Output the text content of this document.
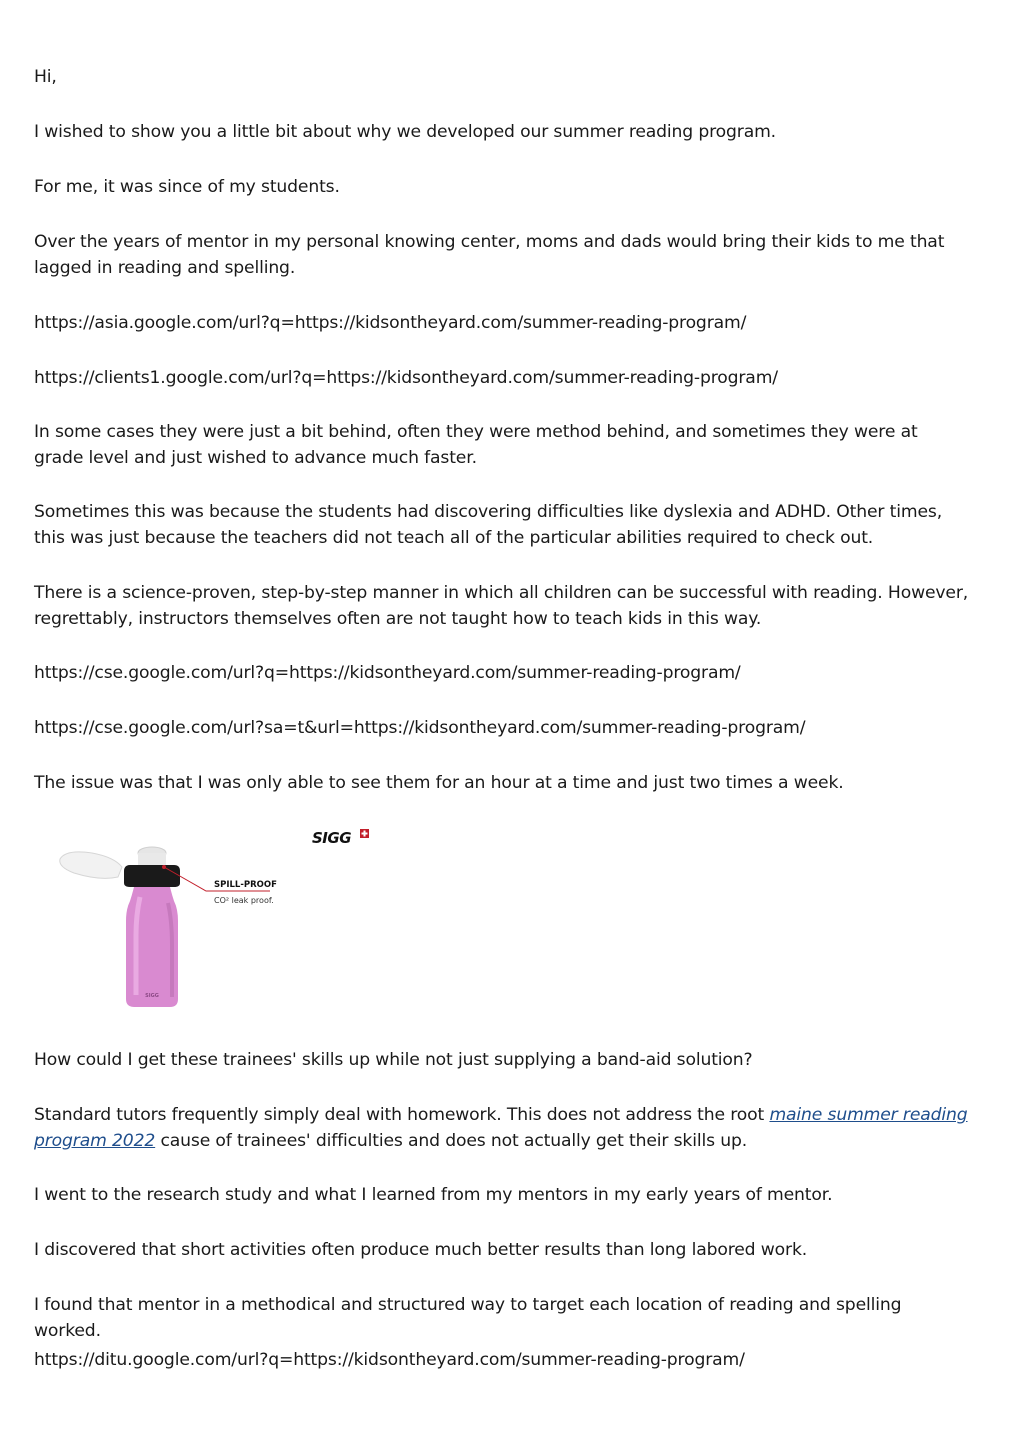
Hi,

I wished to show you a little bit about why we developed our summer reading program.

For me, it was since of my students.

Over the years of mentor in my personal knowing center, moms and dads would bring their kids to me that lagged in reading and spelling.

https://asia.google.com/url?q=https://kidsontheyard.com/summer-reading-program/

https://clients1.google.com/url?q=https://kidsontheyard.com/summer-reading-program/

In some cases they were just a bit behind, often they were method behind, and sometimes they were at grade level and just wished to advance much faster.

Sometimes this was because the students had discovering difficulties like dyslexia and ADHD. Other times, this was just because the teachers did not teach all of the particular abilities required to check out.

There is a science-proven, step-by-step manner in which all children can be successful with reading. However, regrettably, instructors themselves often are not taught how to teach kids in this way.

https://cse.google.com/url?q=https://kidsontheyard.com/summer-reading-program/

https://cse.google.com/url?sa=t&url=https://kidsontheyard.com/summer-reading-program/

The issue was that I was only able to see them for an hour at a time and just two times a week.

SIGG
SIGG
SPILL-PROOF
CO² leak proof.

How could I get these trainees' skills up while not just supplying a band-aid solution?

Standard tutors frequently simply deal with homework. This does not address the root maine summer reading program 2022 cause of trainees' difficulties and does not actually get their skills up.

I went to the research study and what I learned from my mentors in my early years of mentor.

I discovered that short activities often produce much better results than long labored work.

I found that mentor in a methodical and structured way to target each location of reading and spelling worked.

https://ditu.google.com/url?q=https://kidsontheyard.com/summer-reading-program/
